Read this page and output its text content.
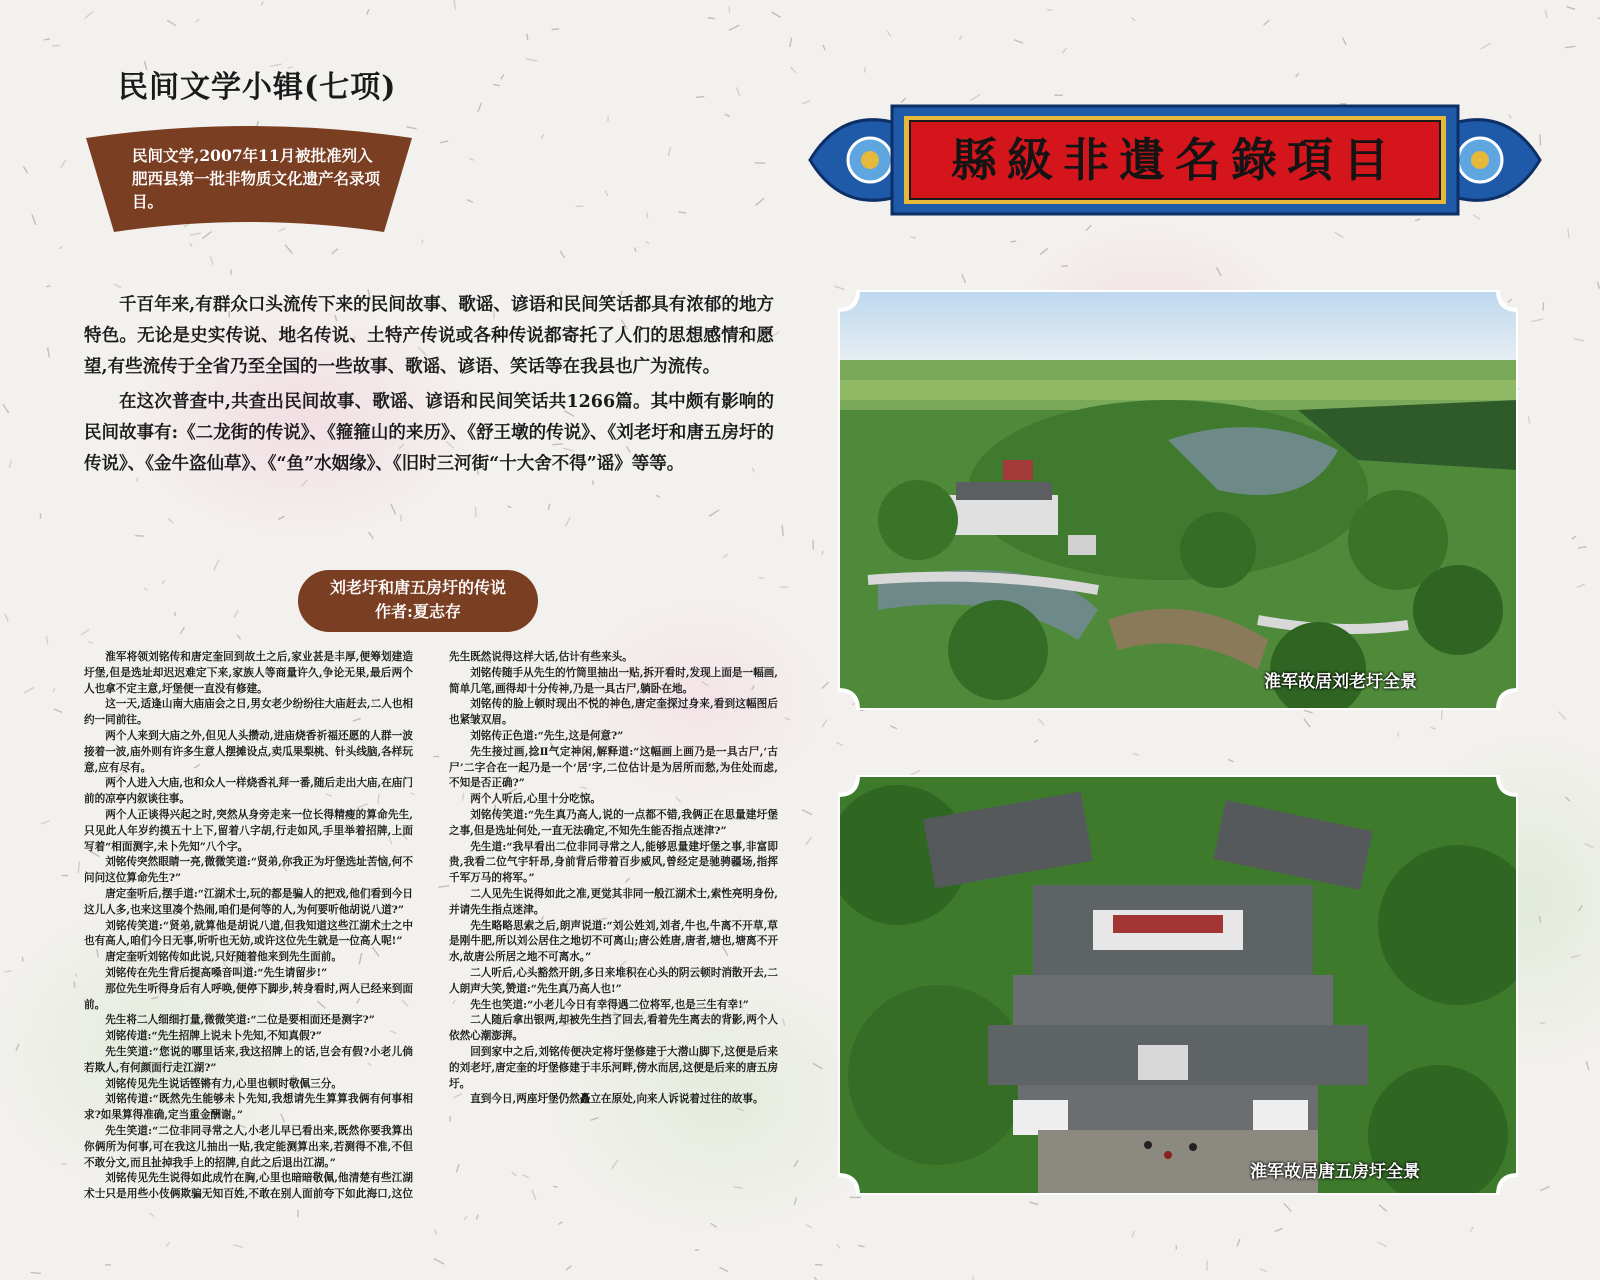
民间文学小辑(七项)
民间文学,2007年11月被批准列入肥西县第一批非物质文化遗产名录项目。

千百年来,有群众口头流传下来的民间故事、歌谣、谚语和民间笑话都具有浓郁的地方特色。无论是史实传说、地名传说、土特产传说或各种传说都寄托了人们的思想感情和愿望,有些流传于全省乃至全国的一些故事、歌谣、谚语、笑话等在我县也广为流传。

在这次普查中,共查出民间故事、歌谣、谚语和民间笑话共1266篇。其中颇有影响的民间故事有:《二龙街的传说》、《箍箍山的来历》、《舒王墩的传说》、《刘老圩和唐五房圩的传说》、《金牛盗仙草》、《“鱼”水姻缘》、《旧时三河街“十大舍不得”谣》等等。

刘老圩和唐五房圩的传说
作者:夏志存

淮军将领刘铭传和唐定奎回到故土之后,家业甚是丰厚,便筹划建造圩堡,但是选址却迟迟难定下来,家族人等商量许久,争论无果,最后两个人也拿不定主意,圩堡便一直没有修建。

这一天,适逢山南大庙庙会之日,男女老少纷纷往大庙赶去,二人也相约一同前往。

两个人来到大庙之外,但见人头攒动,进庙烧香祈福还愿的人群一波接着一波,庙外则有许多生意人摆摊设点,卖瓜果梨桃、针头线脑,各样玩意,应有尽有。

两个人进入大庙,也和众人一样烧香礼拜一番,随后走出大庙,在庙门前的凉亭内叙谈往事。

两个人正谈得兴起之时,突然从身旁走来一位长得精瘦的算命先生,只见此人年岁约摸五十上下,留着八字胡,行走如风,手里举着招牌,上面写着“相面测字,未卜先知”八个字。

刘铭传突然眼睛一亮,微微笑道:“贤弟,你我正为圩堡选址苦恼,何不问问这位算命先生?”

唐定奎听后,摆手道:“江湖术士,玩的都是骗人的把戏,他们看到今日这儿人多,也来这里凑个热闹,咱们是何等的人,为何要听他胡说八道?”

刘铭传笑道:“贤弟,就算他是胡说八道,但我知道这些江湖术士之中也有高人,咱们今日无事,听听也无妨,或许这位先生就是一位高人呢!”

唐定奎听刘铭传如此说,只好随着他来到先生面前。

刘铭传在先生背后提高嗓音叫道:“先生请留步!”

那位先生听得身后有人呼唤,便停下脚步,转身看时,两人已经来到面前。

先生将二人细细打量,微微笑道:“二位是要相面还是测字?”

刘铭传道:“先生招牌上说未卜先知,不知真假?”

先生笑道:“您说的哪里话来,我这招牌上的话,岂会有假?小老儿倘若欺人,有何颜面行走江湖?”

刘铭传见先生说话铿锵有力,心里也顿时敬佩三分。

刘铭传道:“既然先生能够未卜先知,我想请先生算算我俩有何事相求?如果算得准确,定当重金酬谢。”

先生笑道:“二位非同寻常之人,小老儿早已看出来,既然你要我算出你俩所为何事,可在我这儿抽出一贴,我定能测算出来,若测得不准,不但不敢分文,而且扯掉我手上的招牌,自此之后退出江湖。”

刘铭传见先生说得如此成竹在胸,心里也暗暗敬佩,他清楚有些江湖术士只是用些小伎俩欺骗无知百姓,不敢在别人面前夸下如此海口,这位先生既然说得这样大话,估计有些来头。

刘铭传随手从先生的竹筒里抽出一贴,拆开看时,发现上面是一幅画,简单几笔,画得却十分传神,乃是一具古尸,躺卧在地。

刘铭传的脸上顿时现出不悦的神色,唐定奎探过身来,看到这幅图后也紧皱双眉。

刘铭传正色道:“先生,这是何意?”

先生接过画,捻Ⅱ气定神闲,解释道:“这幅画上画乃是一具古尸,‘古尸’二字合在一起乃是一个‘居’字,二位估计是为居所而愁,为住处而虑,不知是否正确?”

两个人听后,心里十分吃惊。

刘铭传笑道:“先生真乃高人,说的一点都不错,我俩正在思量建圩堡之事,但是选址何处,一直无法确定,不知先生能否指点迷津?”

先生道:“我早看出二位非同寻常之人,能够思量建圩堡之事,非富即贵,我看二位气宇轩昂,身前背后带着百步威风,曾经定是驰骋疆场,指挥千军万马的将军。”

二人见先生说得如此之准,更觉其非同一般江湖术士,索性亮明身份,并请先生指点迷津。

先生略略思索之后,朗声说道:“刘公姓刘,刘者,牛也,牛离不开草,草是刚牛肥,所以刘公居住之地切不可离山;唐公姓唐,唐者,塘也,塘离不开水,故唐公所居之地不可离水。”

二人听后,心头豁然开朗,多日来堆积在心头的阴云顿时消散开去,二人朗声大笑,赞道:“先生真乃高人也!”

先生也笑道:“小老儿今日有幸得遇二位将军,也是三生有幸!”

二人随后拿出银两,却被先生挡了回去,看着先生离去的背影,两个人依然心潮澎湃。

回到家中之后,刘铭传便决定将圩堡修建于大潜山脚下,这便是后来的刘老圩,唐定奎的圩堡修建于丰乐河畔,傍水而居,这便是后来的唐五房圩。

直到今日,两座圩堡仍然矗立在原处,向来人诉说着过往的故事。

縣級非遺名錄項目
淮军故居刘老圩全景
淮军故居唐五房圩全景
